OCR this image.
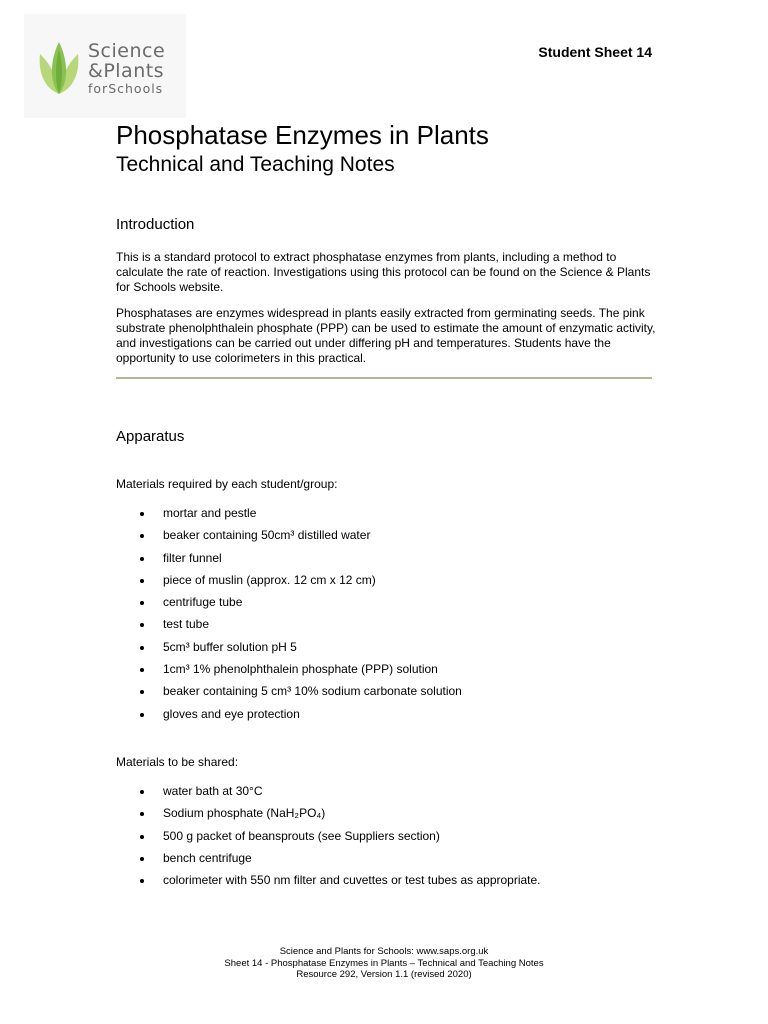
Science
&Plants
forSchools
Student Sheet 14
Phosphatase Enzymes in Plants
Technical and Teaching Notes
Introduction
This is a standard protocol to extract phosphatase enzymes from plants, including a method to calculate the rate of reaction. Investigations using this protocol can be found on the Science & Plants for Schools website.
Phosphatases are enzymes widespread in plants easily extracted from germinating seeds. The pink substrate phenolphthalein phosphate (PPP) can be used to estimate the amount of enzymatic activity, and investigations can be carried out under differing pH and temperatures. Students have the opportunity to use colorimeters in this practical.
Apparatus
Materials required by each student/group:
mortar and pestle
beaker containing 50cm³ distilled water
filter funnel
piece of muslin (approx. 12 cm x 12 cm)
centrifuge tube
test tube
5cm³ buffer solution pH 5
1cm³ 1% phenolphthalein phosphate (PPP) solution
beaker containing 5 cm³ 10% sodium carbonate solution
gloves and eye protection
Materials to be shared:
water bath at 30°C
Sodium phosphate (NaH₂PO₄)
500 g packet of beansprouts (see Suppliers section)
bench centrifuge
colorimeter with 550 nm filter and cuvettes or test tubes as appropriate.
Science and Plants for Schools: www.saps.org.uk
Sheet 14 - Phosphatase Enzymes in Plants – Technical and Teaching Notes
Resource 292, Version 1.1 (revised 2020)
